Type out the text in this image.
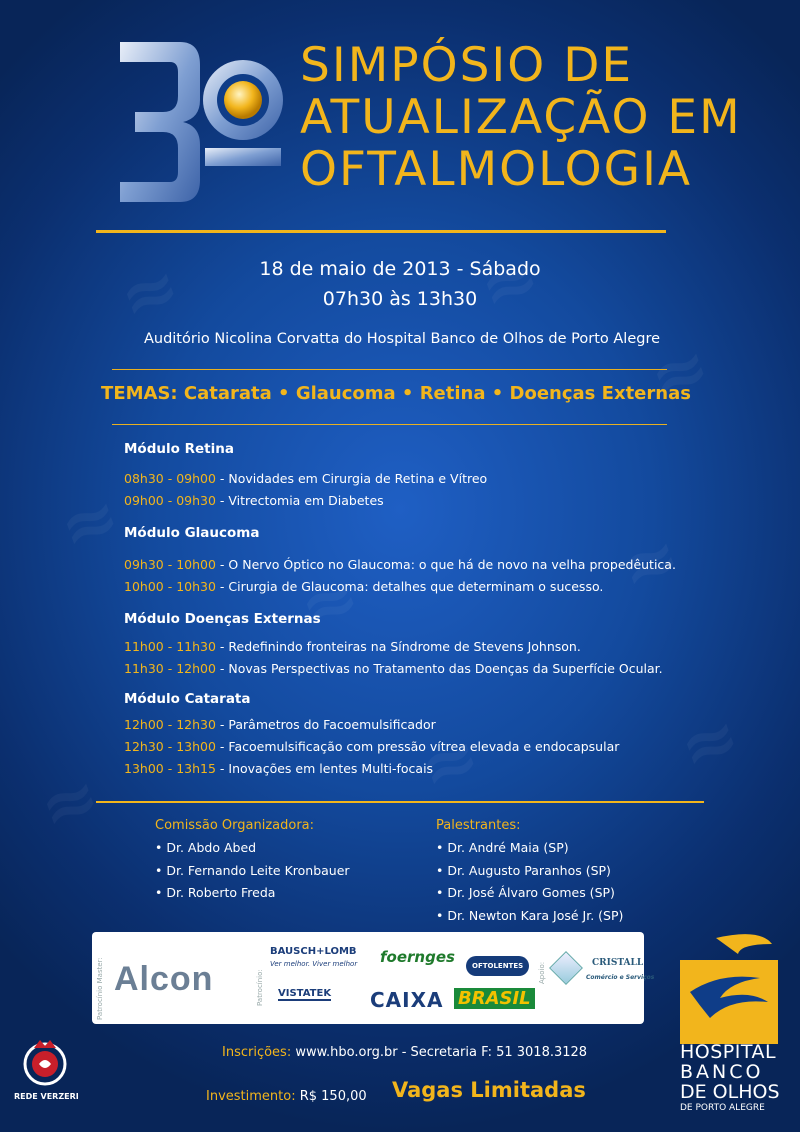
SIMPÓSIO DE
ATUALIZAÇÃO EM
OFTALMOLOGIA
18 de maio de 2013 - Sábado
07h30 às 13h30
Auditório Nicolina Corvatta do Hospital Banco de Olhos de Porto Alegre
TEMAS: Catarata • Glaucoma • Retina • Doenças Externas
Módulo Retina
08h30 - 09h00 - Novidades em Cirurgia de Retina e Vítreo
09h00 - 09h30 - Vitrectomia em Diabetes
Módulo Glaucoma
09h30 - 10h00 - O Nervo Óptico no Glaucoma: o que há de novo na velha propedêutica.
10h00 - 10h30 - Cirurgia de Glaucoma: detalhes que determinam o sucesso.
Módulo Doenças Externas
11h00 - 11h30 - Redefinindo fronteiras na Síndrome de Stevens Johnson.
11h30 - 12h00 - Novas Perspectivas no Tratamento das Doenças da Superfície Ocular.
Módulo Catarata
12h00 - 12h30 - Parâmetros do Facoemulsificador
12h30 - 13h00 - Facoemulsificação com pressão vítrea elevada e endocapsular
13h00 - 13h15 - Inovações em lentes Multi-focais
Comissão Organizadora:
• Dr. Abdo Abed
• Dr. Fernando Leite Kronbauer
• Dr. Roberto Freda
Palestrantes:
• Dr. André Maia (SP)
• Dr. Augusto Paranhos (SP)
• Dr. José Álvaro Gomes (SP)
• Dr. Newton Kara José Jr. (SP)
Patrocínio Master: Alcon	Patrocínio:
BAUSCH+LOMB
Ver melhor. Viver melhor foernges	OFTOLENTES	Apoio:	CRISTALL
Comércio e Serviços
VISTATEK CAIXA BRASIL
HOSPITAL
BANCO
DE OLHOS
DE PORTO ALEGRE
REDE VERZERI
Inscrições: www.hbo.org.br - Secretaria F: 51 3018.3128
Investimento: R$ 150,00 Vagas Limitadas
